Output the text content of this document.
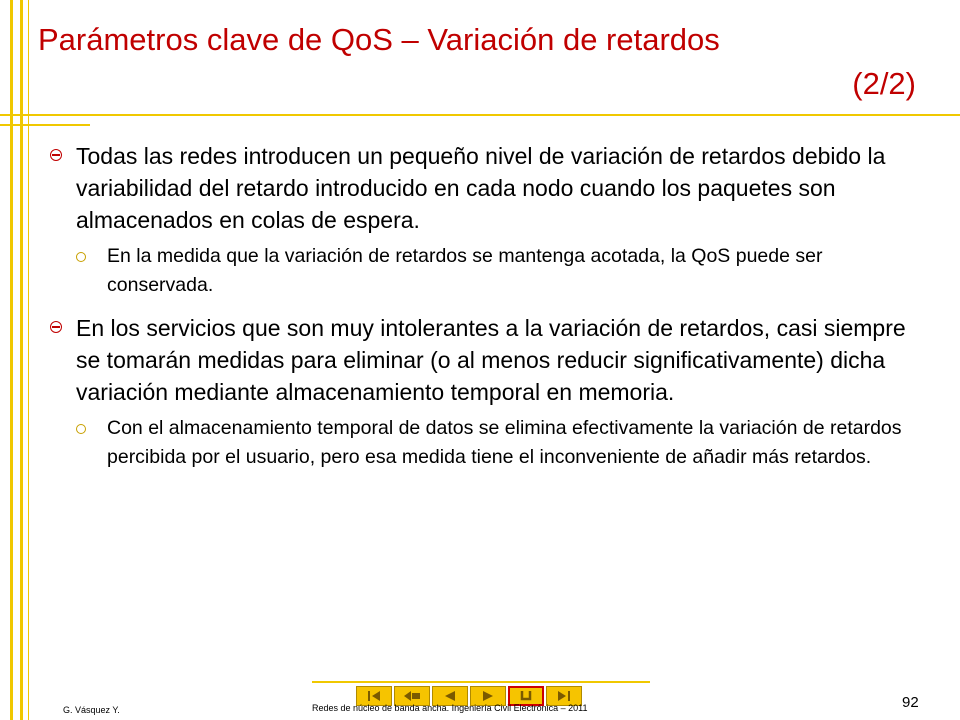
Parámetros clave de QoS – Variación de retardos
(2/2)
Todas las redes introducen un pequeño nivel de variación de retardos debido la variabilidad del retardo introducido en cada nodo cuando los paquetes son almacenados en colas de espera.
En la medida que la variación de retardos se mantenga acotada, la QoS puede ser conservada.
En los servicios que son muy intolerantes a la variación de retardos, casi siempre se tomarán medidas para eliminar (o al menos reducir significativamente) dicha variación mediante almacenamiento temporal en memoria.
Con el almacenamiento temporal de datos se elimina efectivamente la variación de retardos percibida por el usuario, pero esa medida tiene el inconveniente de añadir más retardos.
G. Vásquez Y.	Redes de núcleo de banda ancha. Ingeniería Civil Electrónica – 2011	92
